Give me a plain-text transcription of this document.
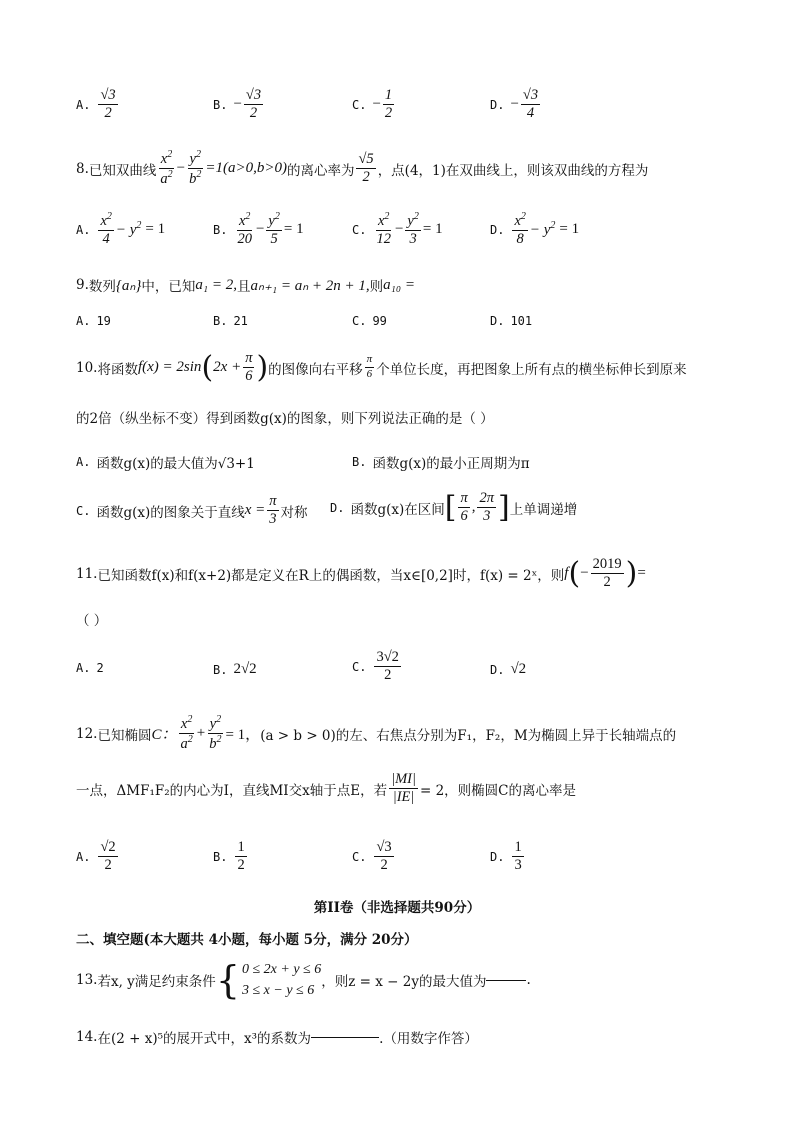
A. $\frac{√3}{2}$	B. − $\frac{√3}{2}$	C. − $\frac{1}{2}$	D. − $\frac{√3}{4}$
8. 已知双曲线 $\frac{x^2}{a^2} - \frac{y^2}{b^2} =1(a>0,b>0)$ 的离心率为 $\frac{√5}{2}$ ，点(4，1)在双曲线上，则该双曲线的方程为
A. $\frac{x^2}{4} - y^2 = 1$	B. $\frac{x^2}{20} - \frac{y^2}{5} = 1$	C. $\frac{x^2}{12} - \frac{y^2}{3} = 1$	D. $\frac{x^2}{8} - y^2 = 1$
9. 数列 {aₙ} 中，已知 a₁ = 2, 且 aₙ₊₁ = aₙ + 2n + 1, 则 a₁₀ =
A. 19	B. 21	C. 99	D. 101
10. 将函数 f(x) = 2sin ( $2x + \frac{\pi}{6}$ ) 的图像向右平移 $\frac{\pi}{6}$ 个单位长度，再把图象上所有点的横坐标伸长到原来
的2倍（纵坐标不变）得到函数g(x)的图象，则下列说法正确的是（ ）
A. 函数g(x)的最大值为√3+1	B. 函数g(x)的最小正周期为π
C. 函数g(x)的图象关于直线 $x = \frac{\pi}{3}$ 对称 D. 函数g(x)在区间 [ $\frac{\pi}{6}$ , $\frac{2\pi}{3}$ ] 上单调递增
11. 已知函数f(x)和f(x+2)都是定义在R上的偶函数，当x∈[0,2]时，f(x) = 2ˣ，则 f ( − $\frac{2019}{2}$ ) =
（ ）
A. 2	B. 2√2	C. $\frac{3√2}{2}$	D. √2
12. 已知椭圆 C： $\frac{x^2}{a^2} + \frac{y^2}{b^2} = 1$， (a > b > 0)的左、右焦点分别为F₁，F₂，M为椭圆上异于长轴端点的
一点，ΔMF₁F₂的内心为I，直线MI交x轴于点E，若 $\frac{|MI|}{|IE|} = 2$，则椭圆C的离心率是
A. $\frac{√2}{2}$	B. $\frac{1}{2}$	C. $\frac{√3}{2}$	D. $\frac{1}{3}$
第II卷（非选择题共90分）
二、填空题(本大题共 4小题，每小题 5分，满分 20分）
13. 若x, y满足约束条件 { 0 ≤ 2x + y ≤ 6
3 ≤ x − y ≤ 6
，则z = x − 2y的最大值为	.
14. 在(2 + x)⁵的展开式中，x³的系数为	.（用数字作答）
